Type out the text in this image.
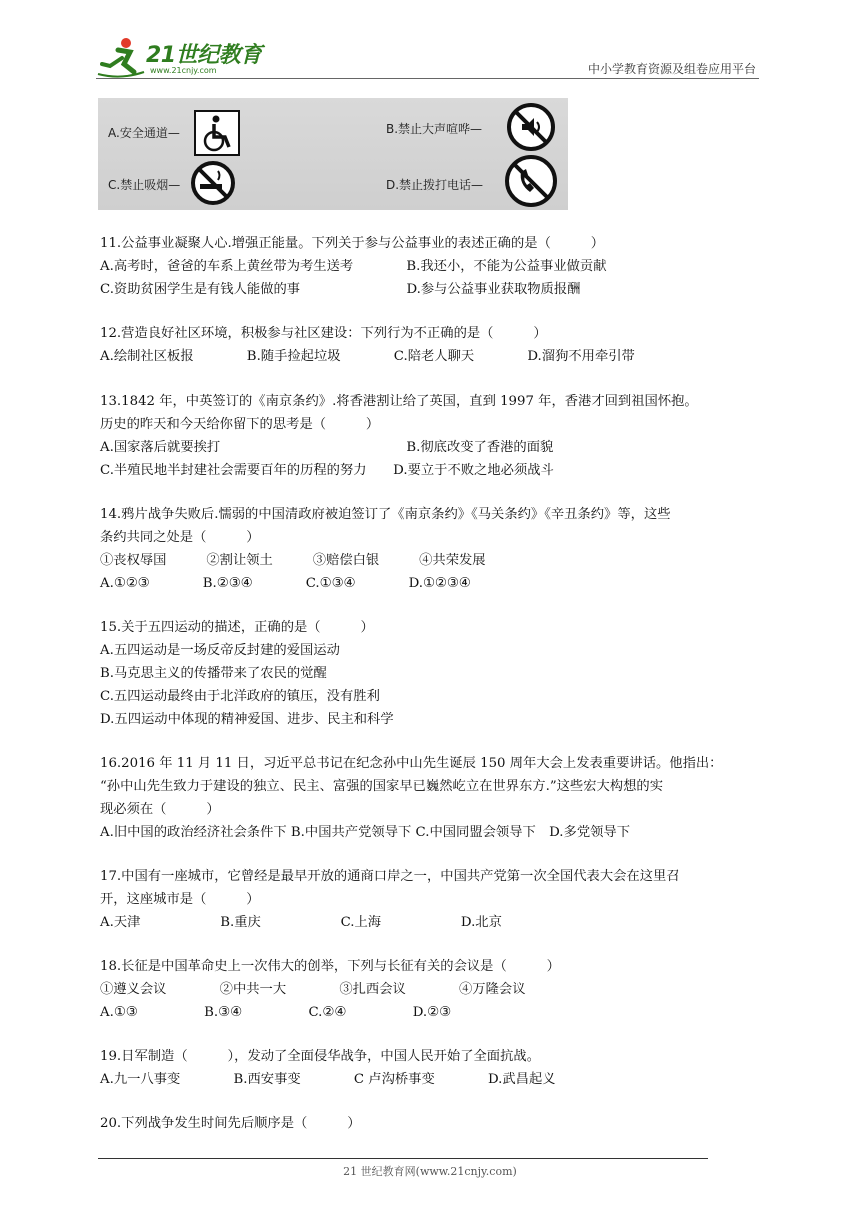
21世纪教育
www.21cnjy.com	中小学教育资源及组卷应用平台
A.安全通道—	B.禁止大声喧哗—
C.禁止吸烟—	D.禁止拨打电话—
11.公益事业凝聚人心.增强正能量。下列关于参与公益事业的表述正确的是（　　　）
A.高考时，爸爸的车系上黄丝带为考生送考　　　　B.我还小，不能为公益事业做贡献
C.资助贫困学生是有钱人能做的事　　　　　　　　D.参与公益事业获取物质报酬
12.营造良好社区环境，积极参与社区建设：下列行为不正确的是（　　　）
A.绘制社区板报　　　　B.随手捡起垃圾　　　　C.陪老人聊天　　　　D.溜狗不用牵引带
13.1842 年，中英签订的《南京条约》.将香港割让给了英国，直到 1997 年，香港才回到祖国怀抱。
历史的昨天和今天给你留下的思考是（　　　）
A.国家落后就要挨打　　　　　　　　　　　　　　B.彻底改变了香港的面貌
C.半殖民地半封建社会需要百年的历程的努力　　D.要立于不败之地必须战斗
14.鸦片战争失败后.懦弱的中国清政府被迫签订了《南京条约》《马关条约》《辛丑条约》等，这些
条约共同之处是（　　　）
①丧权辱国　　　②割让领土　　　③赔偿白银　　　④共荣发展
A.①②③　　　　B.②③④　　　　C.①③④　　　　D.①②③④
15.关于五四运动的描述，正确的是（　　　）
A.五四运动是一场反帝反封建的爱国运动
B.马克思主义的传播带来了农民的觉醒
C.五四运动最终由于北洋政府的镇压，没有胜利
D.五四运动中体现的精神爱国、进步、民主和科学
16.2016 年 11 月 11 日，习近平总书记在纪念孙中山先生诞辰 150 周年大会上发表重要讲话。他指出：
“孙中山先生致力于建设的独立、民主、富强的国家早已巍然屹立在世界东方.”这些宏大构想的实
现必须在（　　　）
A.旧中国的政治经济社会条件下 B.中国共产党领导下 C.中国同盟会领导下　D.多党领导下
17.中国有一座城市，它曾经是最早开放的通商口岸之一，中国共产党第一次全国代表大会在这里召
开，这座城市是（　　　）
A.天津　　　　　　B.重庆　　　　　　C.上海　　　　　　D.北京
18.长征是中国革命史上一次伟大的创举，下列与长征有关的会议是（　　　）
①遵义会议　　　　②中共一大　　　　③扎西会议　　　　④万隆会议
A.①③　　　　　B.③④　　　　　C.②④　　　　　D.②③
19.日军制造（　　　），发动了全面侵华战争，中国人民开始了全面抗战。
A.九一八事变　　　　B.西安事变　　　　C 卢沟桥事变　　　　D.武昌起义
20.下列战争发生时间先后顺序是（　　　）
21 世纪教育网(www.21cnjy.com)
